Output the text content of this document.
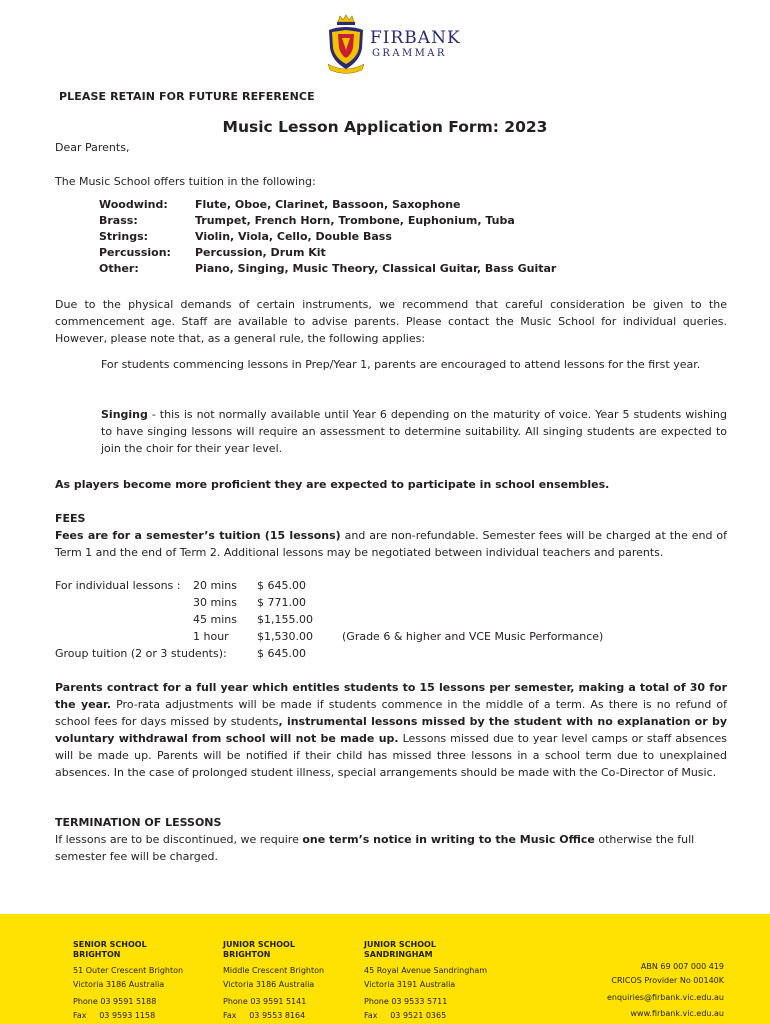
FIRBANK
GRAMMAR
PLEASE RETAIN FOR FUTURE REFERENCE
Music Lesson Application Form: 2023
Dear Parents,
The Music School offers tuition in the following:
Woodwind: Flute, Oboe, Clarinet, Bassoon, Saxophone
Brass:	Trumpet, French Horn, Trombone, Euphonium, Tuba
Strings:	Violin, Viola, Cello, Double Bass
Percussion: Percussion, Drum Kit
Other:	Piano, Singing, Music Theory, Classical Guitar, Bass Guitar
Due to the physical demands of certain instruments, we recommend that careful consideration be given to the commencement age. Staff are available to advise parents. Please contact the Music School for individual queries. However, please note that, as a general rule, the following applies:
For students commencing lessons in Prep/Year 1, parents are encouraged to attend lessons for the first year.
Singing - this is not normally available until Year 6 depending on the maturity of voice. Year 5 students wishing to have singing lessons will require an assessment to determine suitability. All singing students are expected to join the choir for their year level.
As players become more proficient they are expected to participate in school ensembles.
FEES
Fees are for a semester’s tuition (15 lessons) and are non-refundable. Semester fees will be charged at the end of Term 1 and the end of Term 2. Additional lessons may be negotiated between individual teachers and parents.
For individual lessons : 20 mins $ 645.00
30 mins $ 771.00
45 mins $1,155.00
1 hour	$1,530.00	(Grade 6 & higher and VCE Music Performance)
Group tuition (2 or 3 students):	$ 645.00
Parents contract for a full year which entitles students to 15 lessons per semester, making a total of 30 for the year. Pro-rata adjustments will be made if students commence in the middle of a term. As there is no refund of school fees for days missed by students, instrumental lessons missed by the student with no explanation or by voluntary withdrawal from school will not be made up. Lessons missed due to year level camps or staff absences will be made up. Parents will be notified if their child has missed three lessons in a school term due to unexplained absences. In the case of prolonged student illness, special arrangements should be made with the Co-Director of Music.
TERMINATION OF LESSONS
If lessons are to be discontinued, we require one term’s notice in writing to the Music Office otherwise the full semester fee will be charged.
SENIOR SCHOOL
BRIGHTON
51 Outer Crescent Brighton
Victoria 3186 Australia
Phone 03 9591 5188
Fax     03 9593 1158
JUNIOR SCHOOL
BRIGHTON
Middle Crescent Brighton
Victoria 3186 Australia
Phone 03 9591 5141
Fax     03 9553 8164
JUNIOR SCHOOL
SANDRINGHAM
45 Royal Avenue Sandringham
Victoria 3191 Australia
Phone 03 9533 5711
Fax     03 9521 0365
ABN 69 007 000 419
CRICOS Provider No 00140K
enquiries@firbank.vic.edu.au
www.firbank.vic.edu.au
